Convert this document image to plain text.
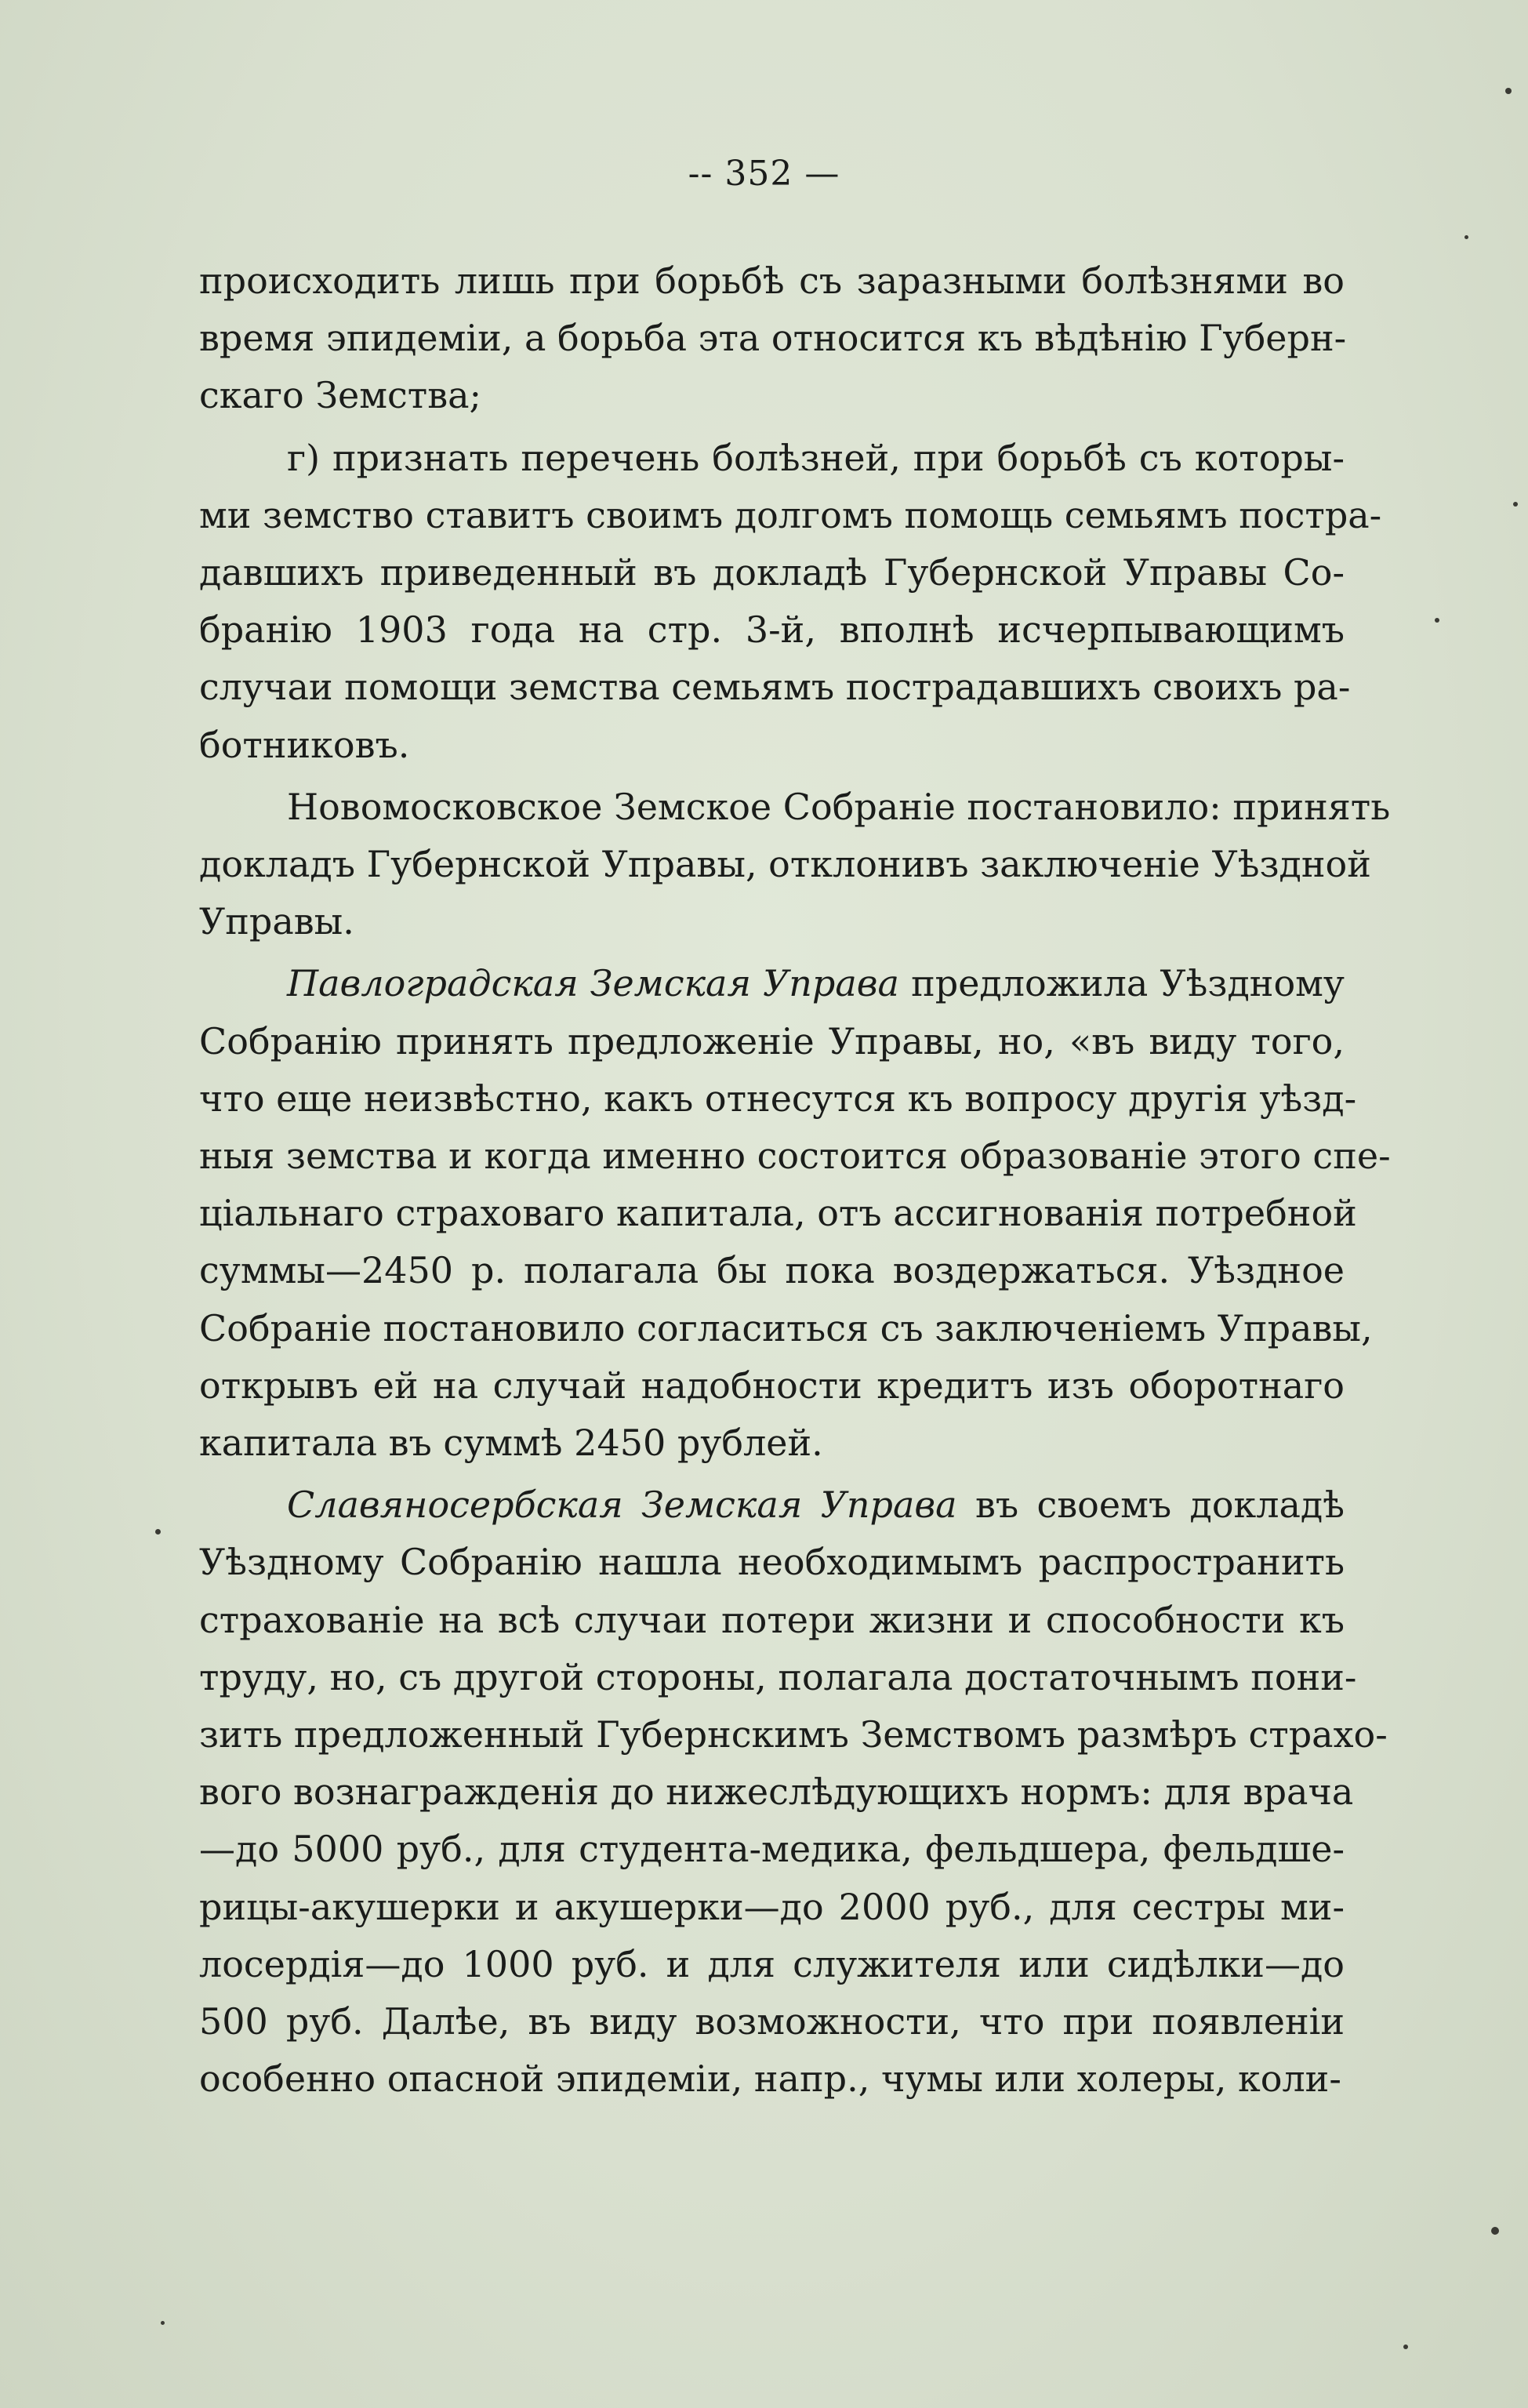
-- 352 —
происходить лишь при борьбѣ съ заразными болѣзнями во
время эпидеміи, а борьба эта относится къ вѣдѣнію Губерн-
скаго Земства;
г) признать перечень болѣзней, при борьбѣ съ которы-
ми земство ставитъ своимъ долгомъ помощь семьямъ постра-
давшихъ приведенный въ докладѣ Губернской Управы Со-
бранію 1903 года на стр. 3-й, вполнѣ исчерпывающимъ
случаи помощи земства семьямъ пострадавшихъ своихъ ра-
ботниковъ.
Новомосковское Земское Собраніе постановило: принять
докладъ Губернской Управы, отклонивъ заключеніе Уѣздной
Управы.
Павлоградская Земская Управа предложила Уѣздному
Собранію принять предложеніе Управы, но, «въ виду того,
что еще неизвѣстно, какъ отнесутся къ вопросу другія уѣзд-
ныя земства и когда именно состоится образованіе этого спе-
ціальнаго страховаго капитала, отъ ассигнованія потребной
суммы—2450 р. полагала бы пока воздержаться. Уѣздное
Собраніе постановило согласиться съ заключеніемъ Управы,
открывъ ей на случай надобности кредитъ изъ оборотнаго
капитала въ суммѣ 2450 рублей.
Славяносербская Земская Управа въ своемъ докладѣ
Уѣздному Собранію нашла необходимымъ распространить
страхованіе на всѣ случаи потери жизни и способности къ
труду, но, съ другой стороны, полагала достаточнымъ пони-
зить предложенный Губернскимъ Земствомъ размѣръ страхо-
вого вознагражденія до нижеслѣдующихъ нормъ: для врача
—до 5000 руб., для студента-медика, фельдшера, фельдше-
рицы-акушерки и акушерки—до 2000 руб., для сестры ми-
лосердія—до 1000 руб. и для служителя или сидѣлки—до
500 руб. Далѣе, въ виду возможности, что при появленіи
особенно опасной эпидеміи, напр., чумы или холеры, коли-
